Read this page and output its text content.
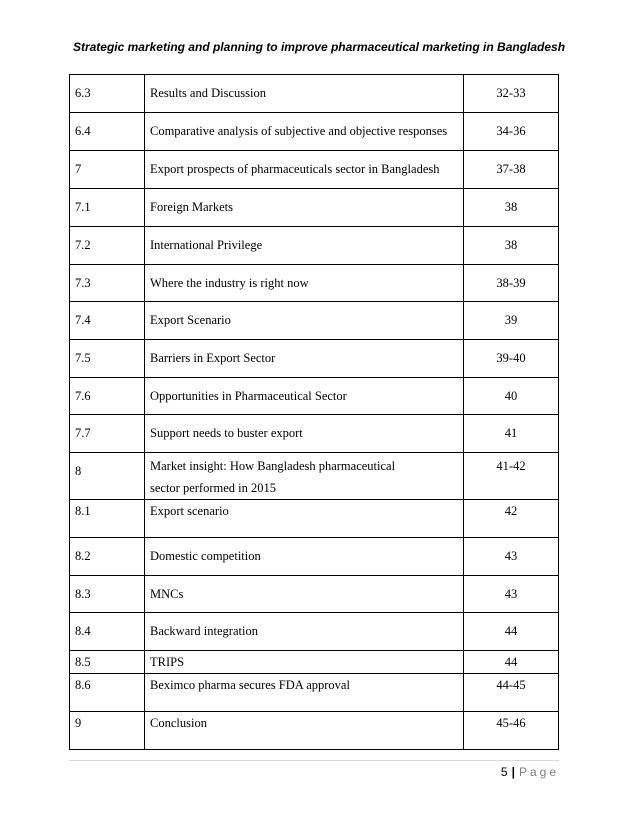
Strategic marketing and planning to improve pharmaceutical marketing in Bangladesh
6.3	Results and Discussion	32-33
6.4	Comparative analysis of subjective and objective responses	34-36
7	Export prospects of pharmaceuticals sector in Bangladesh	37-38
7.1	Foreign Markets	38
7.2	International Privilege	38
7.3	Where the industry is right now	38-39
7.4	Export Scenario	39
7.5	Barriers in Export Sector	39-40
7.6	Opportunities in Pharmaceutical Sector	40
7.7	Support needs to buster export	41
8	Market insight: How Bangladesh pharmaceutical sector performed in 2015	41-42
8.1	Export scenario	42
8.2	Domestic competition	43
8.3	MNCs	43
8.4	Backward integration	44
8.5	TRIPS	44
8.6	Beximco pharma secures FDA approval	44-45
9	Conclusion	45-46
5 | Page
